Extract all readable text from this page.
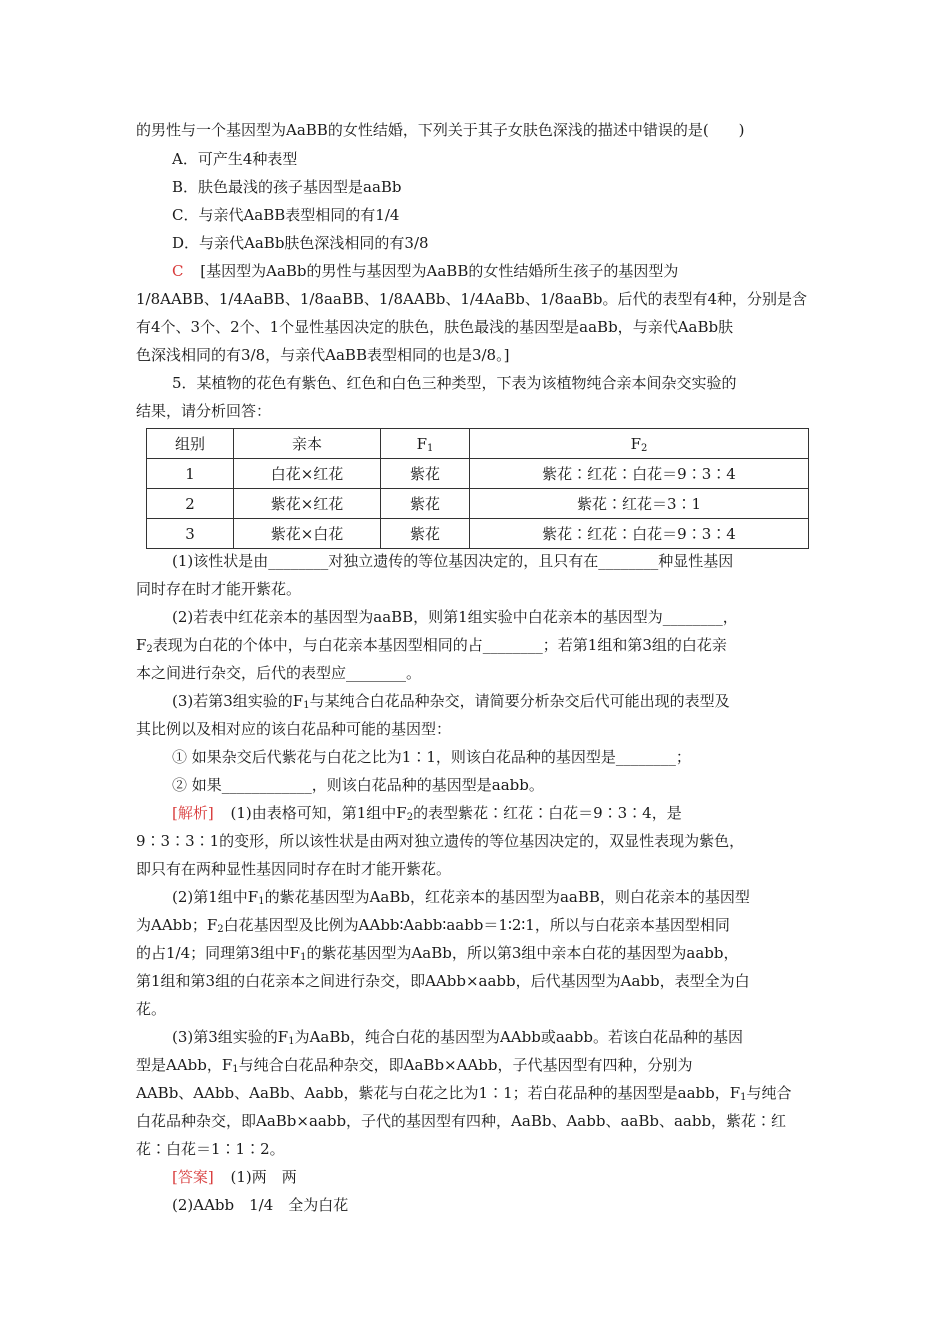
的男性与一个基因型为AaBB的女性结婚，下列关于其子女肤色深浅的描述中错误的是(　　)
A．可产生4种表型
B．肤色最浅的孩子基因型是aaBb
C．与亲代AaBB表型相同的有1/4
D．与亲代AaBb肤色深浅相同的有3/8
C [基因型为AaBb的男性与基因型为AaBB的女性结婚所生孩子的基因型为
1/8AABB、1/4AaBB、1/8aaBB、1/8AABb、1/4AaBb、1/8aaBb。后代的表型有4种，分别是含
有4个、3个、2个、1个显性基因决定的肤色，肤色最浅的基因型是aaBb，与亲代AaBb肤
色深浅相同的有3/8，与亲代AaBB表型相同的也是3/8。]
5．某植物的花色有紫色、红色和白色三种类型，下表为该植物纯合亲本间杂交实验的
结果，请分析回答：
组别	亲本	$F_1$	$F_2$
1	白花×红花	紫花	紫花∶红花∶白花＝9∶3∶4
2	紫花×红花	紫花	紫花∶红花＝3∶1
3	紫花×白花	紫花	紫花∶红花∶白花＝9∶3∶4
(1)该性状是由________对独立遗传的等位基因决定的，且只有在________种显性基因
同时存在时才能开紫花。
(2)若表中红花亲本的基因型为aaBB，则第1组实验中白花亲本的基因型为________，
$F_2$表现为白花的个体中，与白花亲本基因型相同的占________；若第1组和第3组的白花亲
本之间进行杂交，后代的表型应________。
(3)若第3组实验的$F_1$与某纯合白花品种杂交，请简要分析杂交后代可能出现的表型及
其比例以及相对应的该白花品种可能的基因型：
① 如果杂交后代紫花与白花之比为1∶1，则该白花品种的基因型是________；
② 如果____________，则该白花品种的基因型是aabb。
[解析] (1)由表格可知，第1组中$F_2$的表型紫花∶红花∶白花＝9∶3∶4，是
9∶3∶3∶1的变形，所以该性状是由两对独立遗传的等位基因决定的，双显性表现为紫色，
即只有在两种显性基因同时存在时才能开紫花。
(2)第1组中$F_1$的紫花基因型为AaBb，红花亲本的基因型为aaBB，则白花亲本的基因型
为AAbb；$F_2$白花基因型及比例为AAbb∶Aabb∶aabb＝1∶2∶1，所以与白花亲本基因型相同
的占1/4；同理第3组中$F_1$的紫花基因型为AaBb，所以第3组中亲本白花的基因型为aabb，
第1组和第3组的白花亲本之间进行杂交，即AAbb×aabb，后代基因型为Aabb，表型全为白
花。
(3)第3组实验的$F_1$为AaBb，纯合白花的基因型为AAbb或aabb。若该白花品种的基因
型是AAbb，$F_1$与纯合白花品种杂交，即AaBb×AAbb，子代基因型有四种，分别为
AABb、AAbb、AaBb、Aabb，紫花与白花之比为1∶1；若白花品种的基因型是aabb，$F_1$与纯合
白花品种杂交，即AaBb×aabb，子代的基因型有四种，AaBb、Aabb、aaBb、aabb，紫花∶红
花∶白花＝1∶1∶2。
[答案] (1)两　两
(2)AAbb　1/4　全为白花
